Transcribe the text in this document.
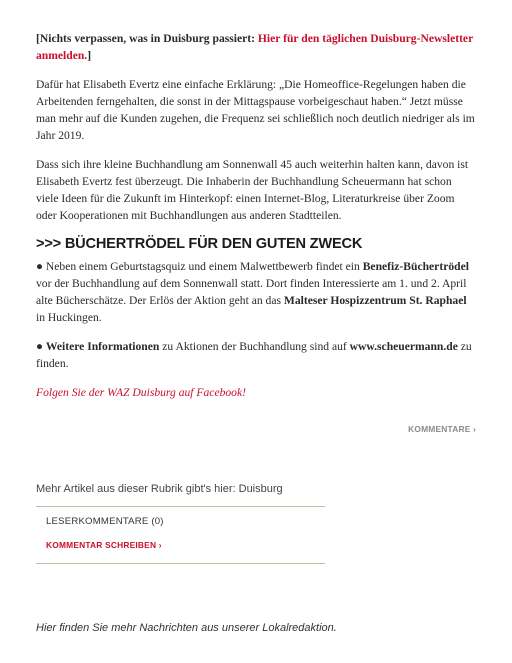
[Nichts verpassen, was in Duisburg passiert: Hier für den täglichen Duisburg-Newsletter anmelden.]

Dafür hat Elisabeth Evertz eine einfache Erklärung: „Die Homeoffice-Regelungen haben die Arbeitenden ferngehalten, die sonst in der Mittagspause vorbeigeschaut haben.“ Jetzt müsse man mehr auf die Kunden zugehen, die Frequenz sei schließlich noch deutlich niedriger als im Jahr 2019.

Dass sich ihre kleine Buchhandlung am Sonnenwall 45 auch weiterhin halten kann, davon ist Elisabeth Evertz fest überzeugt. Die Inhaberin der Buchhandlung Scheuermann hat schon viele Ideen für die Zukunft im Hinterkopf: einen Internet-Blog, Literaturkreise über Zoom oder Kooperationen mit Buchhandlungen aus anderen Stadtteilen.

>>> BÜCHERTRÖDEL FÜR DEN GUTEN ZWECK

● Neben einem Geburtstagsquiz und einem Malwettbewerb findet ein Benefiz-Büchertrödel vor der Buchhandlung auf dem Sonnenwall statt. Dort finden Interessierte am 1. und 2. April alte Bücherschätze. Der Erlös der Aktion geht an das Malteser Hospizzentrum St. Raphael in Huckingen.

● Weitere Informationen zu Aktionen der Buchhandlung sind auf www.scheuermann.de zu finden.

Folgen Sie der WAZ Duisburg auf Facebook!

KOMMENTARE ›

Mehr Artikel aus dieser Rubrik gibt's hier: Duisburg

LESERKOMMENTARE (0)
KOMMENTAR SCHREIBEN ›

Hier finden Sie mehr Nachrichten aus unserer Lokalredaktion.
